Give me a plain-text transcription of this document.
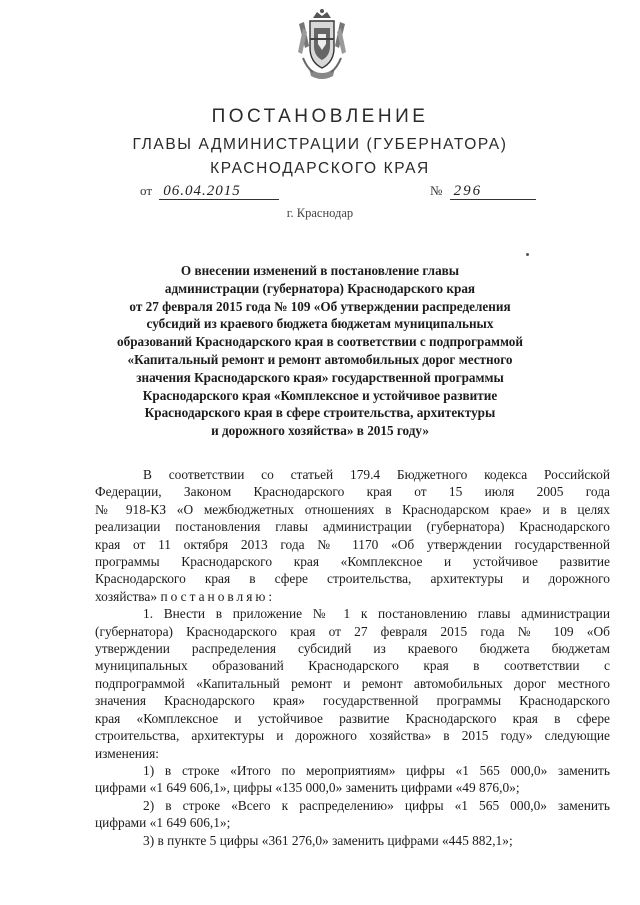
ПОСТАНОВЛЕНИЕ
ГЛАВЫ АДМИНИСТРАЦИИ (ГУБЕРНАТОРА)
КРАСНОДАРСКОГО КРАЯ
от 06.04.2015	№ 296
г. Краснодар
О внесении изменений в постановление главы
администрации (губернатора) Краснодарского края
от 27 февраля 2015 года № 109 «Об утверждении распределения
субсидий из краевого бюджета бюджетам муниципальных
образований Краснодарского края в соответствии с подпрограммой
«Капитальный ремонт и ремонт автомобильных дорог местного
значения Краснодарского края» государственной программы
Краснодарского края «Комплексное и устойчивое развитие
Краснодарского края в сфере строительства, архитектуры
и дорожного хозяйства» в 2015 году»
В соответствии со статьей 179.4 Бюджетного кодекса Российской
Федерации, Законом Краснодарского края от 15 июля 2005 года
№ 918-КЗ «О межбюджетных отношениях в Краснодарском крае» и в целях
реализации постановления главы администрации (губернатора) Краснодарского
края от 11 октября 2013 года № 1170 «Об утверждении государственной
программы Краснодарского края «Комплексное и устойчивое развитие
Краснодарского края в сфере строительства, архитектуры и дорожного
хозяйства» постановляю:
1. Внести в приложение № 1 к постановлению главы администрации
(губернатора) Краснодарского края от 27 февраля 2015 года № 109 «Об
утверждении распределения субсидий из краевого бюджета бюджетам
муниципальных образований Краснодарского края в соответствии с
подпрограммой «Капитальный ремонт и ремонт автомобильных дорог местного
значения Краснодарского края» государственной программы Краснодарского
края «Комплексное и устойчивое развитие Краснодарского края в сфере
строительства, архитектуры и дорожного хозяйства» в 2015 году» следующие
изменения:
1) в строке «Итого по мероприятиям» цифры «1 565 000,0» заменить
цифрами «1 649 606,1», цифры «135 000,0» заменить цифрами «49 876,0»;
2) в строке «Всего к распределению» цифры «1 565 000,0» заменить
цифрами «1 649 606,1»;
3) в пункте 5 цифры «361 276,0» заменить цифрами «445 882,1»;
